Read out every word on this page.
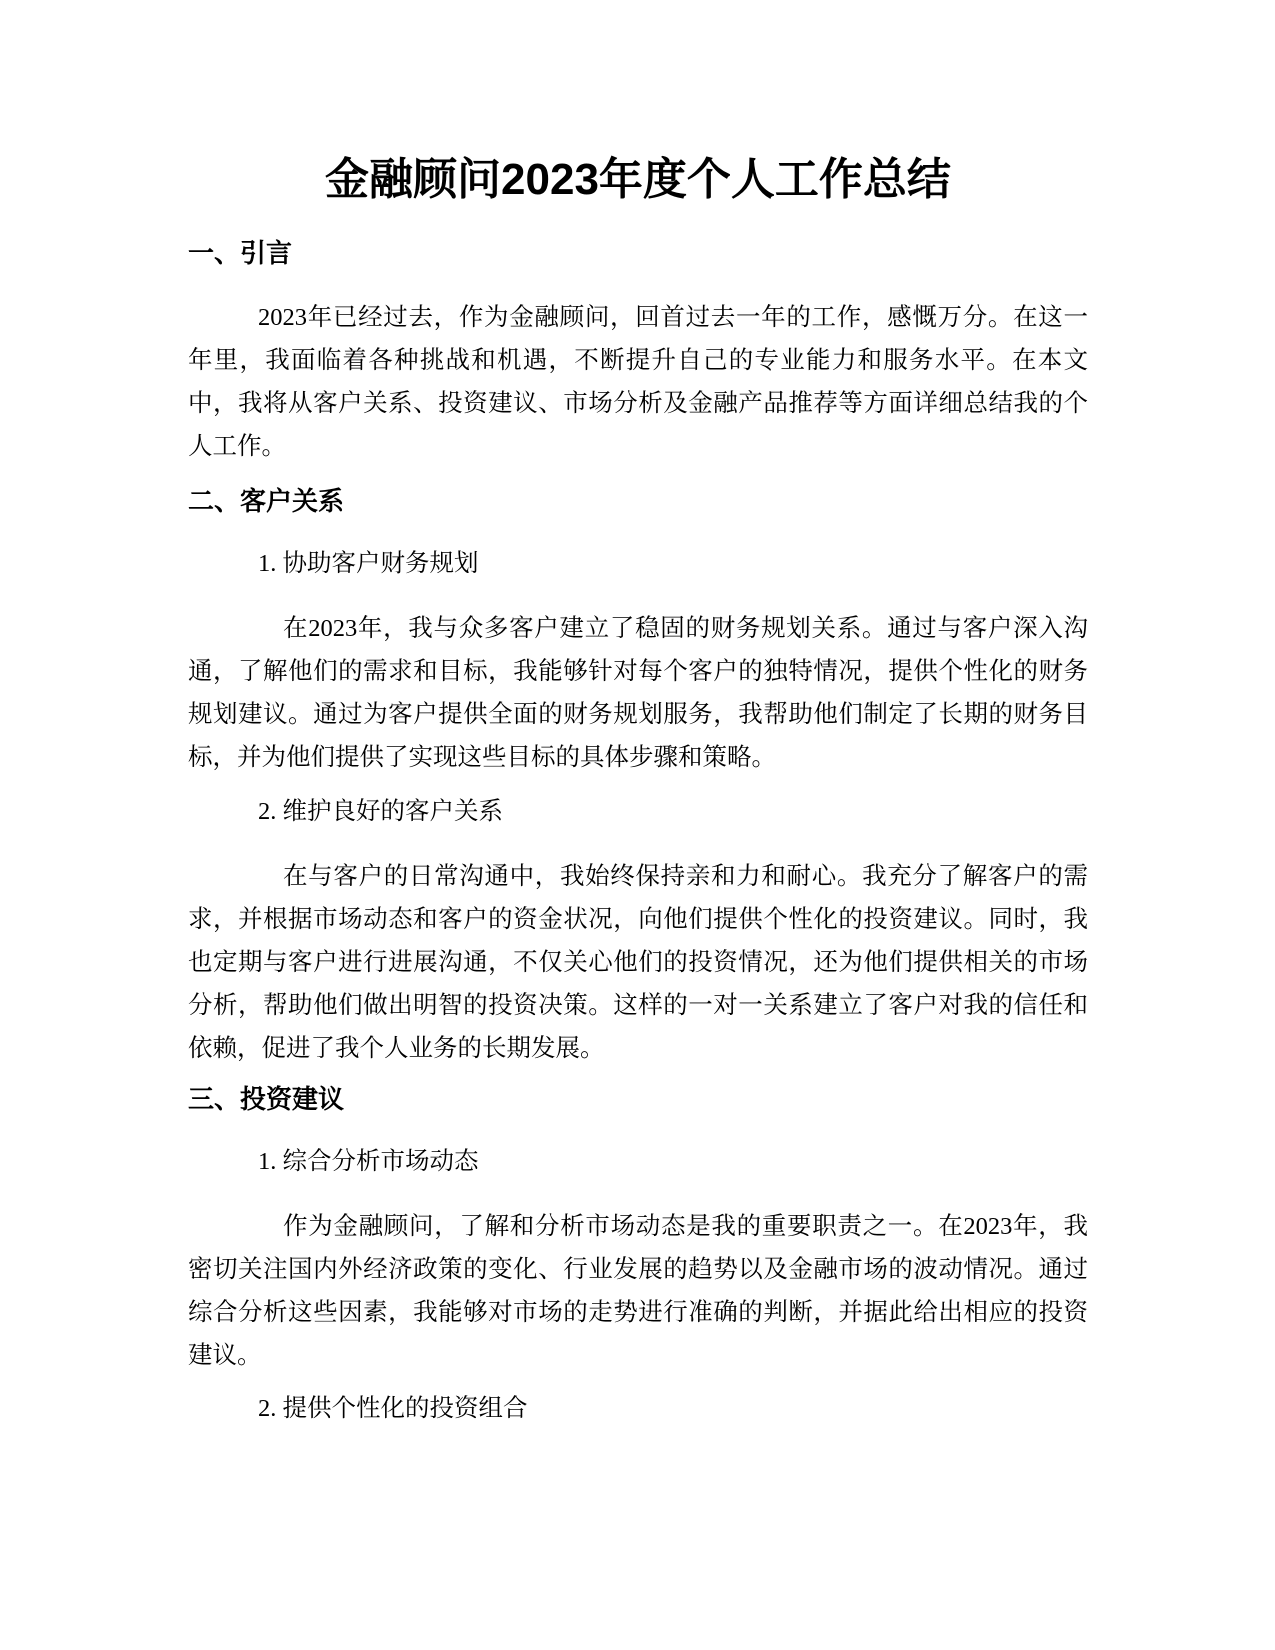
金融顾问2023年度个人工作总结
一、引言

2023年已经过去，作为金融顾问，回首过去一年的工作，感慨万分。在这一年里，我面临着各种挑战和机遇，不断提升自己的专业能力和服务水平。在本文中，我将从客户关系、投资建议、市场分析及金融产品推荐等方面详细总结我的个人工作。

二、客户关系

1. 协助客户财务规划

在2023年，我与众多客户建立了稳固的财务规划关系。通过与客户深入沟通，了解他们的需求和目标，我能够针对每个客户的独特情况，提供个性化的财务规划建议。通过为客户提供全面的财务规划服务，我帮助他们制定了长期的财务目标，并为他们提供了实现这些目标的具体步骤和策略。

2. 维护良好的客户关系

在与客户的日常沟通中，我始终保持亲和力和耐心。我充分了解客户的需求，并根据市场动态和客户的资金状况，向他们提供个性化的投资建议。同时，我也定期与客户进行进展沟通，不仅关心他们的投资情况，还为他们提供相关的市场分析，帮助他们做出明智的投资决策。这样的一对一关系建立了客户对我的信任和依赖，促进了我个人业务的长期发展。

三、投资建议

1. 综合分析市场动态

作为金融顾问，了解和分析市场动态是我的重要职责之一。在2023年，我密切关注国内外经济政策的变化、行业发展的趋势以及金融市场的波动情况。通过综合分析这些因素，我能够对市场的走势进行准确的判断，并据此给出相应的投资建议。

2. 提供个性化的投资组合
